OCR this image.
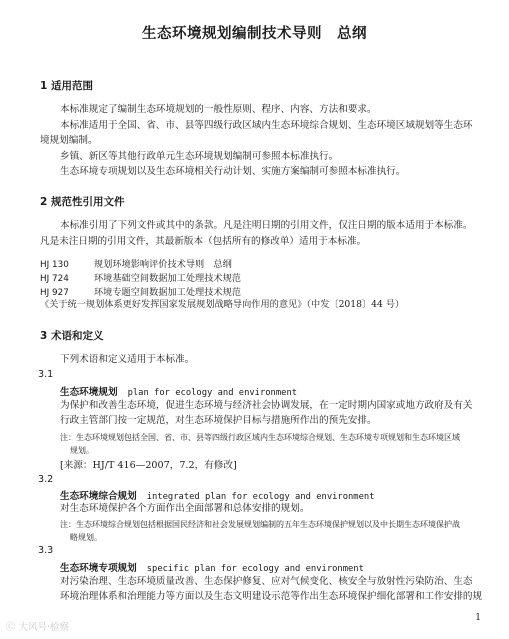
生态环境规划编制技术导则　总纲
1 适用范围
本标准规定了编制生态环境规划的一般性原则、程序、内容、方法和要求。
本标准适用于全国、省、市、县等四级行政区域内生态环境综合规划、生态环境区域规划等生态环
境规划编制。
乡镇、新区等其他行政单元生态环境规划编制可参照本标准执行。
生态环境专项规划以及生态环境相关行动计划、实施方案编制可参照本标准执行。
2 规范性引用文件
本标准引用了下列文件或其中的条款。凡是注明日期的引用文件，仅注日期的版本适用于本标准。
凡是未注日期的引用文件，其最新版本（包括所有的修改单）适用于本标准。
HJ 130	规划环境影响评价技术导则　总纲
HJ 724	环境基础空间数据加工处理技术规范
HJ 927	环境专题空间数据加工处理技术规范
《关于统一规划体系更好发挥国家发展规划战略导向作用的意见》（中发〔2018〕44 号）
3 术语和定义
下列术语和定义适用于本标准。
3.1
生态环境规划 plan for ecology and environment
为保护和改善生态环境，促进生态环境与经济社会协调发展，在一定时期内国家或地方政府及有关
行政主管部门按一定规范，对生态环境保护目标与措施所作出的预先安排。
注：生态环境规划包括全国、省、市、县等四级行政区域内生态环境综合规划、生态环境专项规划和生态环境区域
规划。
[来源：HJ/T 416—2007，7.2，有修改]
3.2
生态环境综合规划 integrated plan for ecology and environment
对生态环境保护各个方面作出全面部署和总体安排的规划。
注：生态环境综合规划包括根据国民经济和社会发展规划编制的五年生态环境保护规划以及中长期生态环境保护战
略规划。
3.3
生态环境专项规划 specific plan for ecology and environment
对污染治理、生态环境质量改善、生态保护修复、应对气候变化、核安全与放射性污染防治、生态
环境治理体系和治理能力等方面以及生态文明建设示范等作出生态环境保护细化部署和工作安排的规
1
Ⓒ 大风号·检察
